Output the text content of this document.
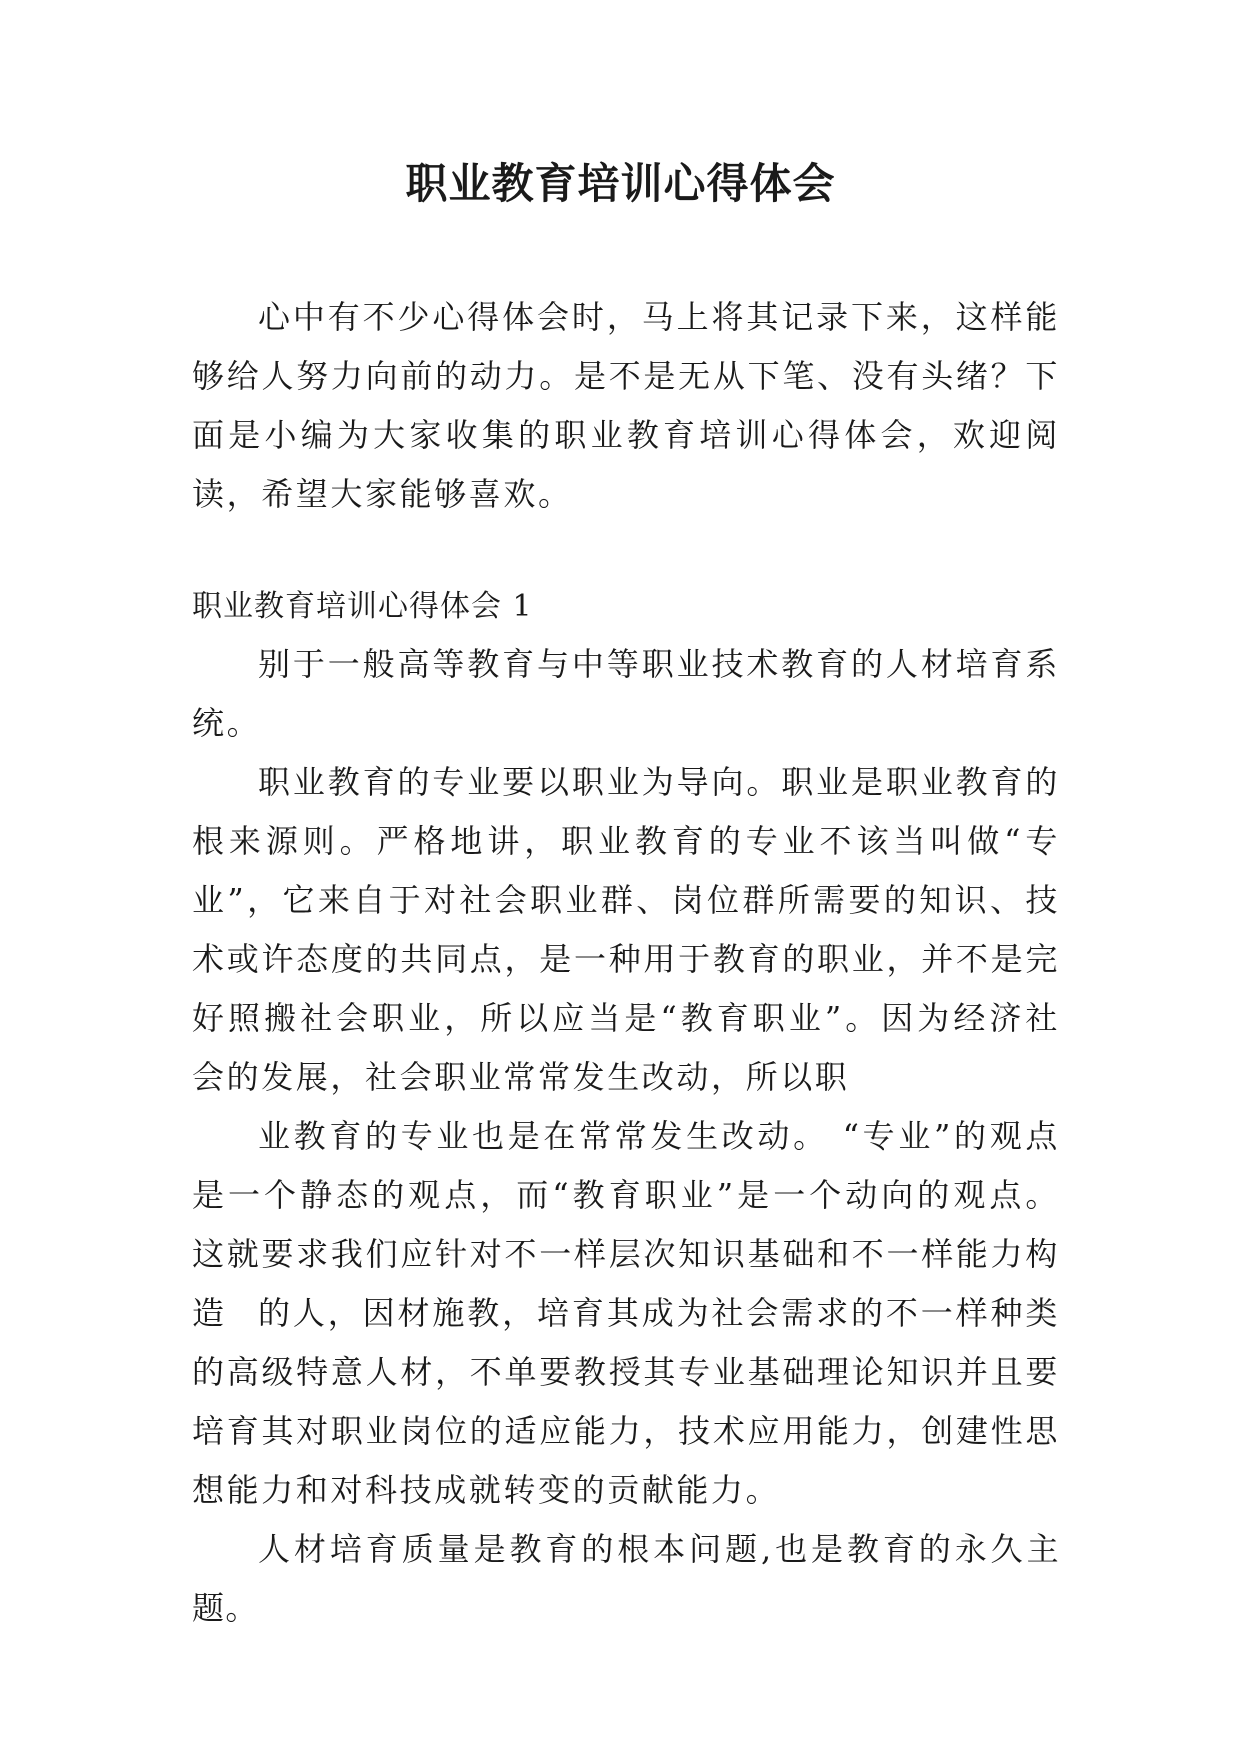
职业教育培训心得体会

心中有不少心得体会时，马上将其记录下来，这样能够给人努力向前的动力。是不是无从下笔、没有头绪？下面是小编为大家收集的职业教育培训心得体会，欢迎阅读，希望大家能够喜欢。

职业教育培训心得体会 1

别于一般高等教育与中等职业技术教育的人材培育系统。

职业教育的专业要以职业为导向。职业是职业教育的根来源则。严格地讲，职业教育的专业不该当叫做“专业”，它来自于对社会职业群、岗位群所需要的知识、技术或许态度的共同点，是一种用于教育的职业，并不是完好照搬社会职业，所以应当是“教育职业”。因为经济社会的发展，社会职业常常发生改动，所以职

业教育的专业也是在常常发生改动。 “专业”的观点是一个静态的观点，而“教育职业”是一个动向的观点。这就要求我们应针对不一样层次知识基础和不一样能力构造 的人，因材施教，培育其成为社会需求的不一样种类的高级特意人材，不单要教授其专业基础理论知识并且要培育其对职业岗位的适应能力，技术应用能力，创建性思想能力和对科技成就转变的贡献能力。

人材培育质量是教育的根本问题,也是教育的永久主题。
